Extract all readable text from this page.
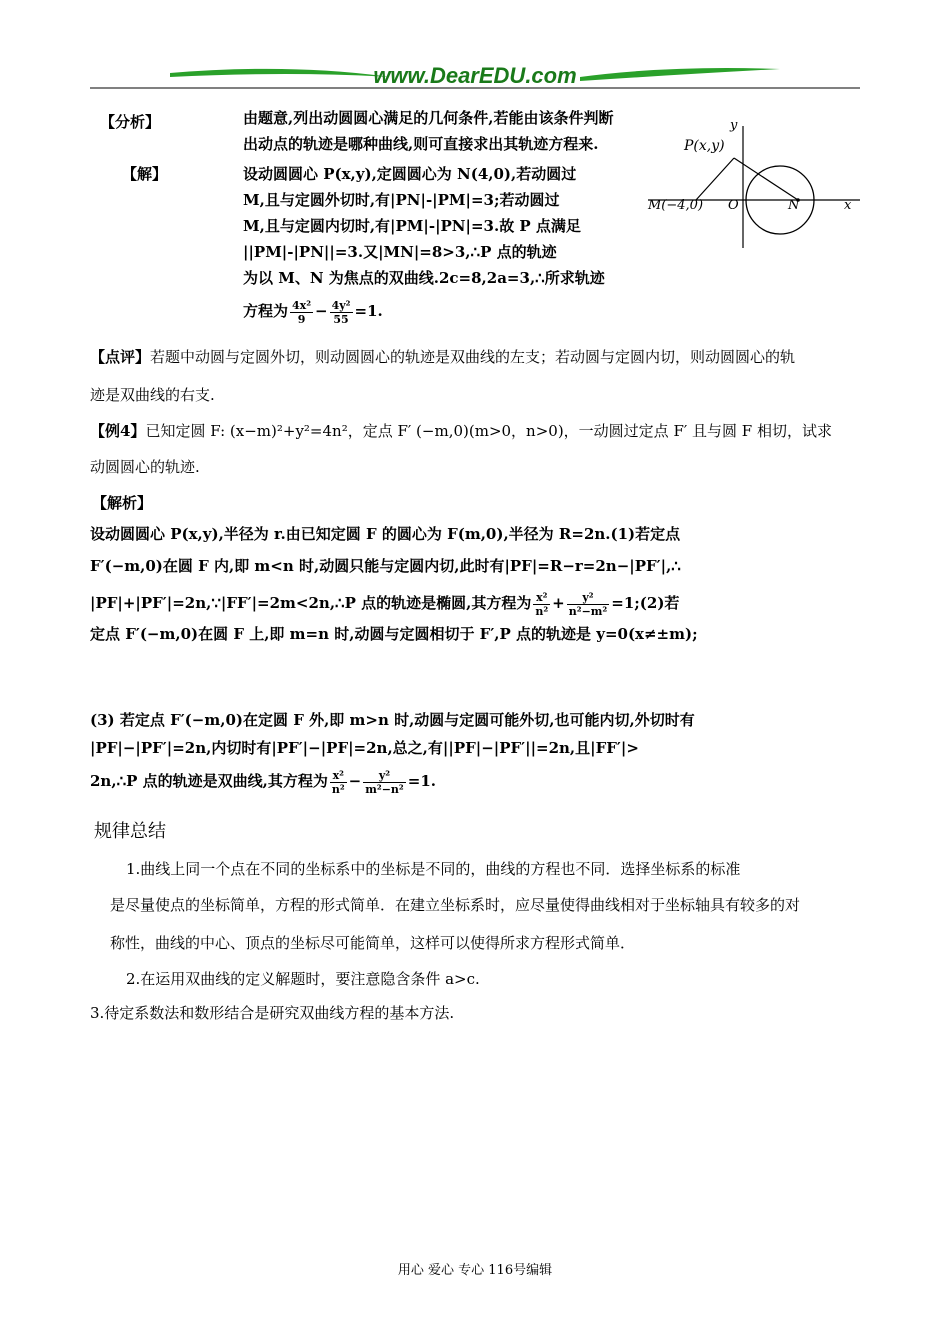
www.DearEDU.com
【分析】	由题意,列出动圆圆心满足的几何条件,若能由该条件判断
出动点的轨迹是哪种曲线,则可直接求出其轨迹方程来.
【解】	设动圆圆心 P(x,y),定圆圆心为 N(4,0),若动圆过
M,且与定圆外切时,有|PN|-|PM|=3;若动圆过
M,且与定圆内切时,有|PM|-|PN|=3.故 P 点满足
||PM|-|PN||=3.又|MN|=8>3,∴P 点的轨迹
为以 M、N 为焦点的双曲线.2c=8,2a=3,∴所求轨迹
方程为 $\frac{\text{4x²}}{9} - \frac{\text{4y²}}{55} =1$.
y
x
P(x,y)
M(−4,0) O	N
【点评】若题中动圆与定圆外切，则动圆圆心的轨迹是双曲线的左支；若动圆与定圆内切，则动圆圆心的轨
迹是双曲线的右支.
【例4】已知定圆 F: (x−m)²+y²=4n²，定点 F′ (−m,0)(m>0，n>0)，一动圆过定点 F′ 且与圆 F 相切，试求
动圆圆心的轨迹.
【解析】
设动圆圆心 P(x,y),半径为 r.由已知定圆 F 的圆心为 F(m,0),半径为 R=2n.(1)若定点
F′(−m,0)在圆 F 内,即 m<n 时,动圆只能与定圆内切,此时有|PF|=R−r=2n−|PF′|,∴
|PF|+|PF′|=2n,∵|FF′|=2m<2n,∴P 点的轨迹是椭圆,其方程为 $\frac{\text{x²}}{\text{n²}} + \frac{\text{y²}}{\text{n²−m²}}$ =1;(2)若
定点 F′(−m,0)在圆 F 上,即 m=n 时,动圆与定圆相切于 F′,P 点的轨迹是 y=0(x≠±m);
(3) 若定点 F′(−m,0)在定圆 F 外,即 m>n 时,动圆与定圆可能外切,也可能内切,外切时有
|PF|−|PF′|=2n,内切时有|PF′|−|PF|=2n,总之,有||PF|−|PF′||=2n,且|FF′|>
2n,∴P 点的轨迹是双曲线,其方程为 $\frac{\text{x²}}{\text{n²}} - \frac{\text{y²}}{\text{m²−n²}} =1$.
规律总结
1.曲线上同一个点在不同的坐标系中的坐标是不同的，曲线的方程也不同．选择坐标系的标准
是尽量使点的坐标简单，方程的形式简单．在建立坐标系时，应尽量使得曲线相对于坐标轴具有较多的对
称性，曲线的中心、顶点的坐标尽可能简单，这样可以使得所求方程形式简单．
2.在运用双曲线的定义解题时，要注意隐含条件 a>c.
3.待定系数法和数形结合是研究双曲线方程的基本方法.
用心 爱心 专心 116号编辑
